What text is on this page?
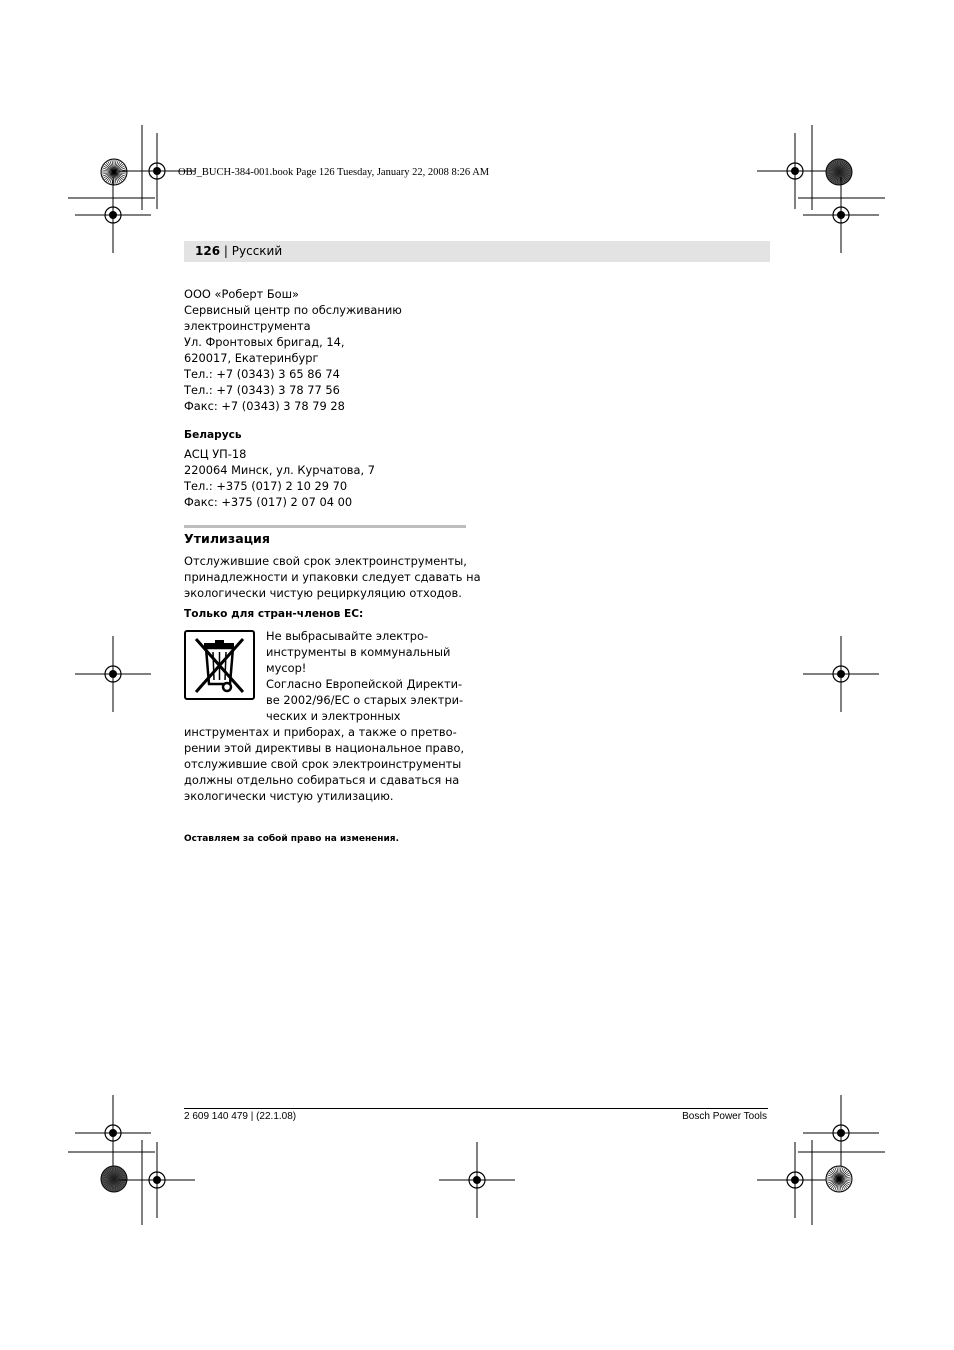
OBJ_BUCH-384-001.book Page 126 Tuesday, January 22, 2008 8:26 AM
126 | Русский
ООО «Роберт Бош»
Сервисный центр по обслуживанию
электроинструмента
Ул. Фронтовых бригад, 14,
620017, Екатеринбург
Тел.: +7 (0343) 3 65 86 74
Тел.: +7 (0343) 3 78 77 56
Факс: +7 (0343) 3 78 79 28
Беларусь
АСЦ УП-18
220064 Минск, ул. Курчатова, 7
Тел.: +375 (017) 2 10 29 70
Факс: +375 (017) 2 07 04 00
Утилизация
Отслужившие свой срок электроинструменты,
принадлежности и упаковки следует сдавать на
экологически чистую рециркуляцию отходов.
Только для стран-членов ЕС:
Не выбрасывайте электро-
инструменты в коммунальный
мусор!
Согласно Европейской Директи-
ве 2002/96/ЕС о старых электри-
ческих и электронных
инструментах и приборах, а также о претво-
рении этой директивы в национальное право,
отслужившие свой срок электроинструменты
должны отдельно собираться и сдаваться на
экологически чистую утилизацию.
Оставляем за собой право на изменения.
2 609 140 479 | (22.1.08)	Bosch Power Tools
